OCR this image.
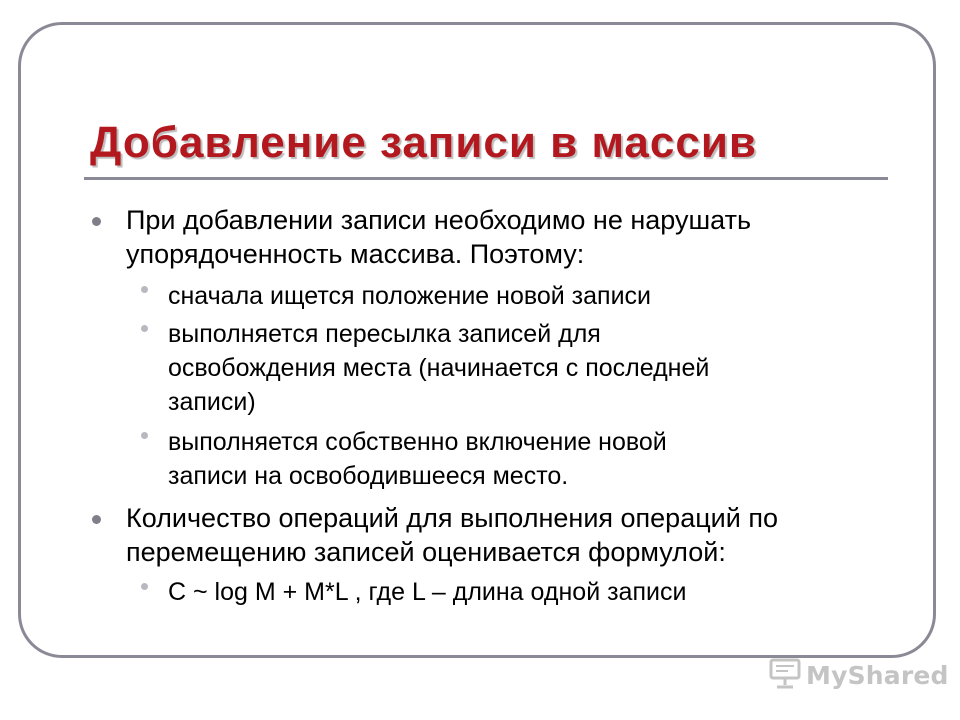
Добавление записи в массив
При добавлении записи необходимо не нарушать
упорядоченность массива. Поэтому:
сначала ищется положение новой записи
выполняется пересылка записей для
освобождения места (начинается с последней
записи)
выполняется собственно включение новой
записи на освободившееся место.
Количество операций для выполнения операций по
перемещению записей оценивается формулой:
С ~ log M + M*L , где L – длина одной записи
MyShared
